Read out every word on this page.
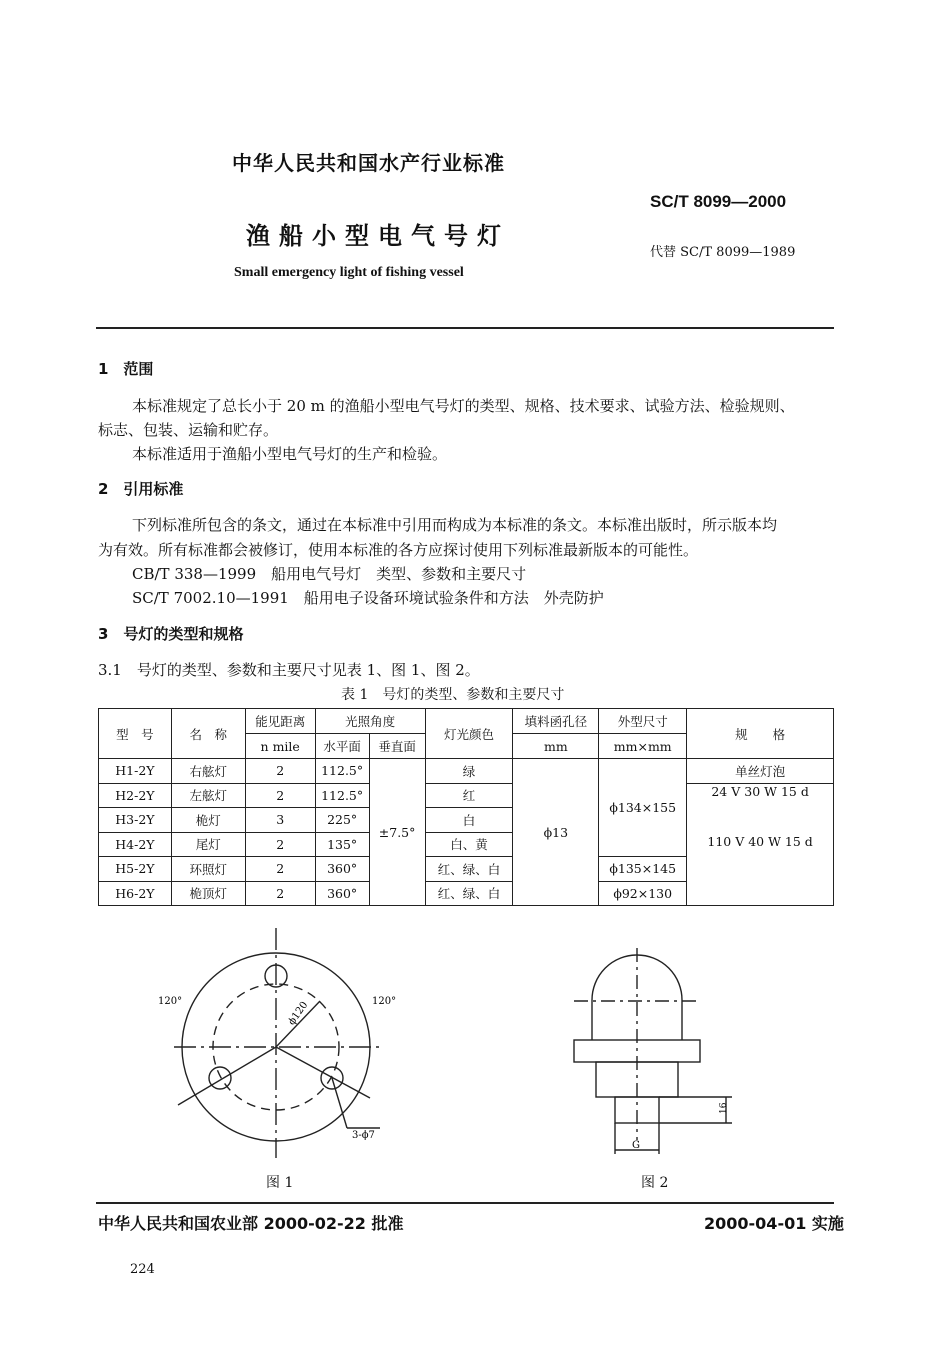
中华人民共和国水产行业标准
SC/T 8099—2000
渔船小型电气号灯
代替 SC/T 8099—1989
Small emergency light of fishing vessel
1　范围
本标准规定了总长小于 20 m 的渔船小型电气号灯的类型、规格、技术要求、试验方法、检验规则、
标志、包装、运输和贮存。
本标准适用于渔船小型电气号灯的生产和检验。
2　引用标准
下列标准所包含的条文，通过在本标准中引用而构成为本标准的条文。本标准出版时，所示版本均
为有效。所有标准都会被修订，使用本标准的各方应探讨使用下列标准最新版本的可能性。
CB/T 338—1999　船用电气号灯　类型、参数和主要尺寸
SC/T 7002.10—1991　船用电子设备环境试验条件和方法　外壳防护
3　号灯的类型和规格
3.1　号灯的类型、参数和主要尺寸见表 1、图 1、图 2。
表 1　号灯的类型、参数和主要尺寸
型　号	名　称	能见距离	光照角度		灯光颜色	填料函孔径	外型尺寸	规　　格
		n mile	水平面	垂直面		mm	mm×mm	
H1-2Y	右舷灯	2	112.5°	±7.5°	绿	ϕ13	ϕ134×155	单丝灯泡
H2-2Y	左舷灯	2	112.5°		红			24 V 30 W 15 d
H3-2Y	桅灯	3	225°		白			
H4-2Y	尾灯	2	135°		白、黄			110 V 40 W 15 d
H5-2Y	环照灯	2	360°		红、绿、白		ϕ135×145	
H6-2Y	桅顶灯	2	360°		红、绿、白		ϕ92×130	
120°	120°
ϕ120
3-ϕ7
图 1
16
G
图 2
中华人民共和国农业部 2000-02-22 批准	2000-04-01 实施
224
